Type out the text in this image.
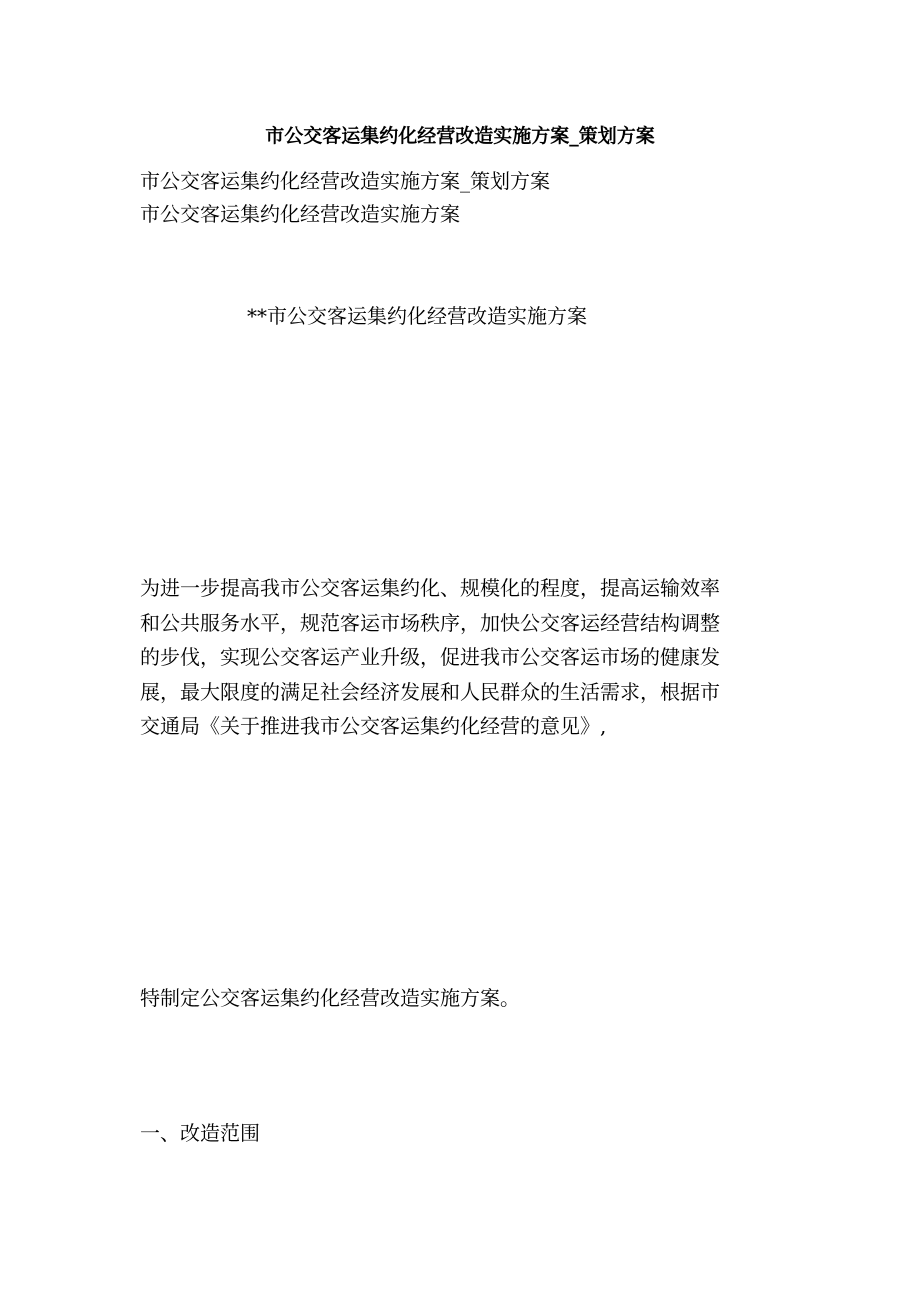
市公交客运集约化经营改造实施方案_策划方案
市公交客运集约化经营改造实施方案_策划方案
市公交客运集约化经营改造实施方案
**市公交客运集约化经营改造实施方案
为进一步提高我市公交客运集约化、规模化的程度，提高运输效率
和公共服务水平，规范客运市场秩序，加快公交客运经营结构调整
的步伐，实现公交客运产业升级，促进我市公交客运市场的健康发
展，最大限度的满足社会经济发展和人民群众的生活需求，根据市
交通局《关于推进我市公交客运集约化经营的意见》,
特制定公交客运集约化经营改造实施方案。
一、改造范围
